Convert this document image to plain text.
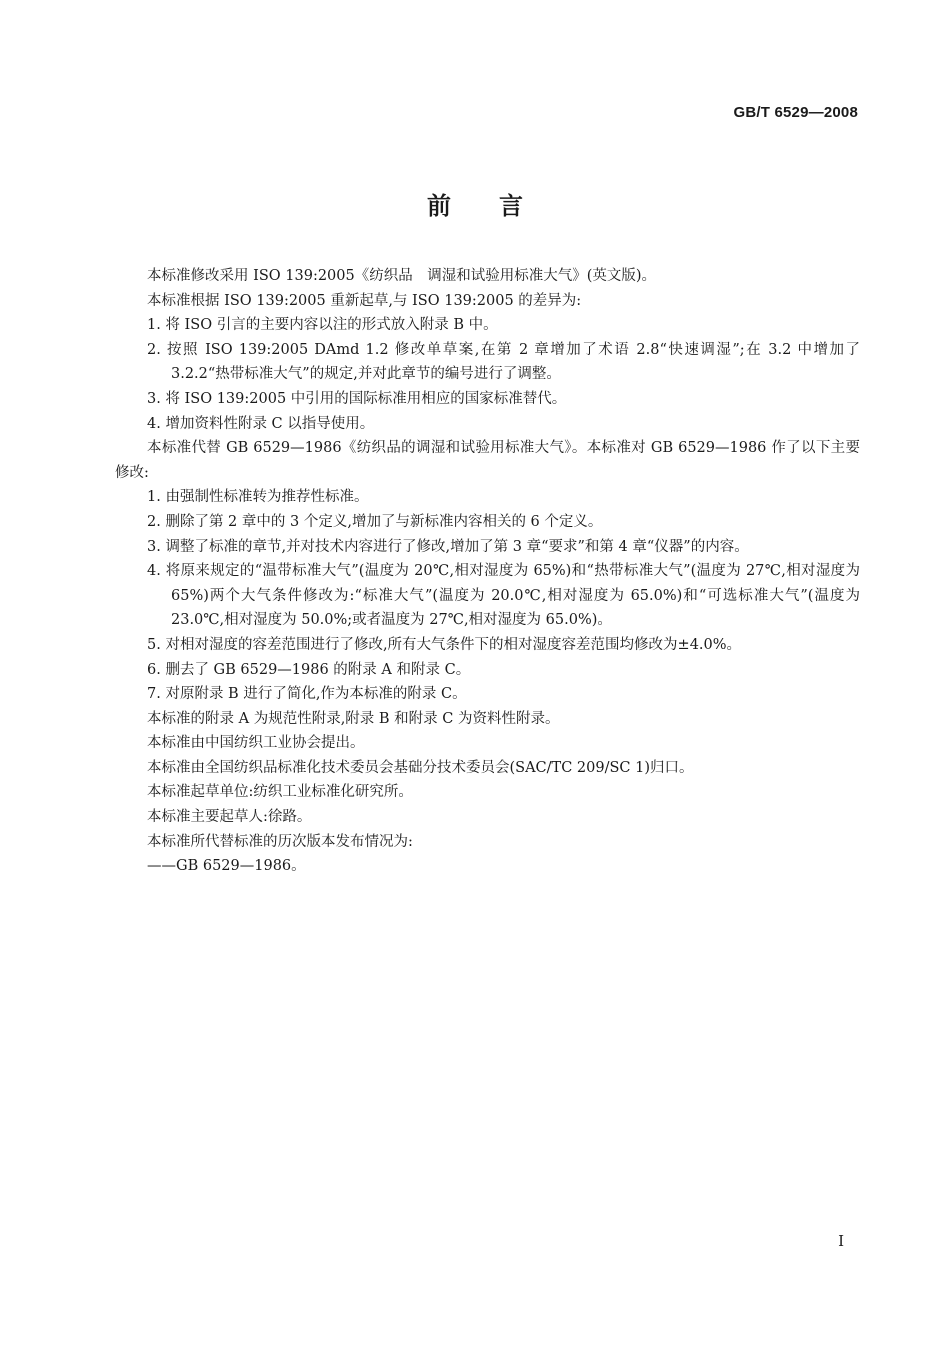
GB/T 6529—2008
前 言

本标准修改采用 ISO 139:2005《纺织品　调湿和试验用标准大气》(英文版)。

本标准根据 ISO 139:2005 重新起草,与 ISO 139:2005 的差异为:

1. 将 ISO 引言的主要内容以注的形式放入附录 B 中。

2. 按照 ISO 139:2005 DAmd 1.2 修改单草案,在第 2 章增加了术语 2.8“快速调湿”;在 3.2 中增加了 3.2.2“热带标准大气”的规定,并对此章节的编号进行了调整。

3. 将 ISO 139:2005 中引用的国际标准用相应的国家标准替代。

4. 增加资料性附录 C 以指导使用。

本标准代替 GB 6529—1986《纺织品的调湿和试验用标准大气》。本标准对 GB 6529—1986 作了以下主要修改:

1. 由强制性标准转为推荐性标准。

2. 删除了第 2 章中的 3 个定义,增加了与新标准内容相关的 6 个定义。

3. 调整了标准的章节,并对技术内容进行了修改,增加了第 3 章“要求”和第 4 章“仪器”的内容。

4. 将原来规定的“温带标准大气”(温度为 20℃,相对湿度为 65%)和“热带标准大气”(温度为 27℃,相对湿度为 65%)两个大气条件修改为:“标准大气”(温度为 20.0℃,相对湿度为 65.0%)和“可选标准大气”(温度为 23.0℃,相对湿度为 50.0%;或者温度为 27℃,相对湿度为 65.0%)。

5. 对相对湿度的容差范围进行了修改,所有大气条件下的相对湿度容差范围均修改为±4.0%。

6. 删去了 GB 6529—1986 的附录 A 和附录 C。

7. 对原附录 B 进行了简化,作为本标准的附录 C。

本标准的附录 A 为规范性附录,附录 B 和附录 C 为资料性附录。

本标准由中国纺织工业协会提出。

本标准由全国纺织品标准化技术委员会基础分技术委员会(SAC/TC 209/SC 1)归口。

本标准起草单位:纺织工业标准化研究所。

本标准主要起草人:徐路。

本标准所代替标准的历次版本发布情况为:

——GB 6529—1986。

I
